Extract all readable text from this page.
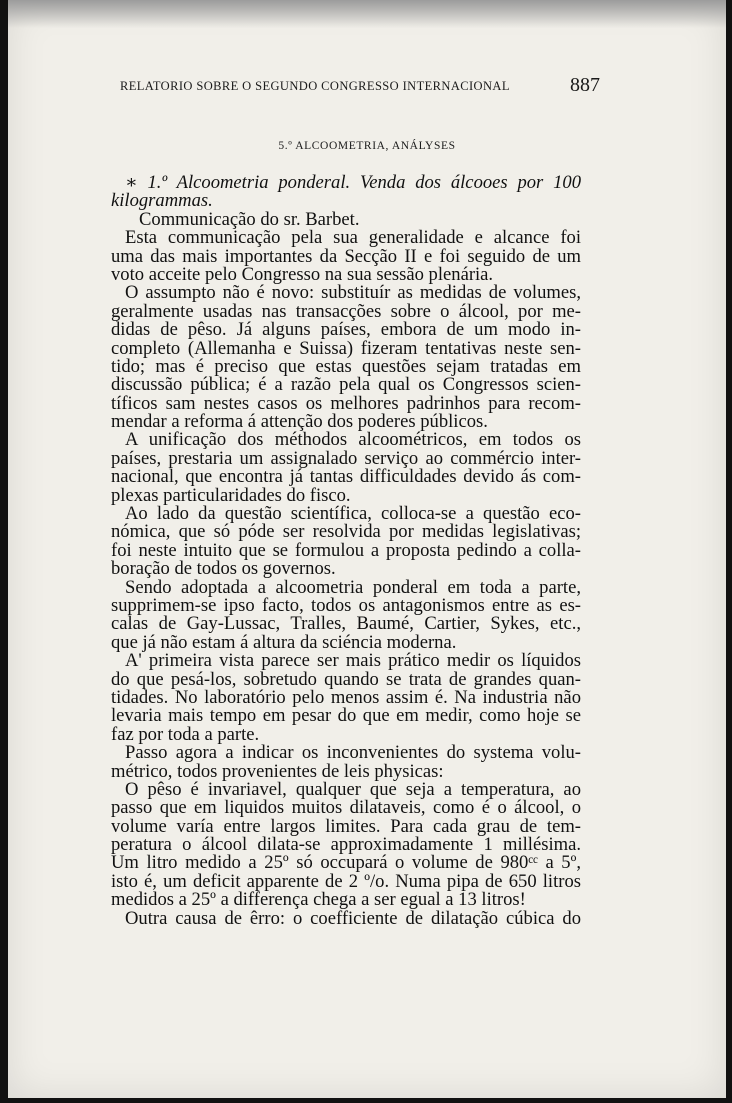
RELATORIO SOBRE O SEGUNDO CONGRESSO INTERNACIONAL	887
5.º ALCOOMETRIA, ANÁLYSES
∗ 1.º Alcoometria ponderal. Venda dos álcooes por 100
kilogrammas.
Communicação do sr. Barbet.
Esta communicação pela sua generalidade e alcance foi
uma das mais importantes da Secção II e foi seguido de um
voto acceite pelo Congresso na sua sessão plenária.
O assumpto não é novo: substituír as medidas de volumes,
geralmente usadas nas transacções sobre o álcool, por me-
didas de pêso. Já alguns países, embora de um modo in-
completo (Allemanha e Suissa) fizeram tentativas neste sen-
tido; mas é preciso que estas questões sejam tratadas em
discussão pública; é a razão pela qual os Congressos scien-
tíficos sam nestes casos os melhores padrinhos para recom-
mendar a reforma á attenção dos poderes públicos.
A unificação dos méthodos alcoométricos, em todos os
países, prestaria um assignalado serviço ao commércio inter-
nacional, que encontra já tantas difficuldades devido ás com-
plexas particularidades do fisco.
Ao lado da questão scientífica, colloca-se a questão eco-
nómica, que só póde ser resolvida por medidas legislativas;
foi neste intuito que se formulou a proposta pedindo a colla-
boração de todos os governos.
Sendo adoptada a alcoometria ponderal em toda a parte,
supprimem-se ipso facto, todos os antagonismos entre as es-
calas de Gay-Lussac, Tralles, Baumé, Cartier, Sykes, etc.,
que já não estam á altura da sciéncia moderna.
A' primeira vista parece ser mais prático medir os líquidos
do que pesá-los, sobretudo quando se trata de grandes quan-
tidades. No laboratório pelo menos assim é. Na industria não
levaria mais tempo em pesar do que em medir, como hoje se
faz por toda a parte.
Passo agora a indicar os inconvenientes do systema volu-
métrico, todos provenientes de leis physicas:
O pêso é invariavel, qualquer que seja a temperatura, ao
passo que em liquidos muitos dilataveis, como é o álcool, o
volume varía entre largos limites. Para cada grau de tem-
peratura o álcool dilata-se approximadamente 1 millésima.
Um litro medido a 25º só occupará o volume de 980ᶜᶜ a 5º,
isto é, um deficit apparente de 2 º/o. Numa pipa de 650 litros
medidos a 25º a differença chega a ser egual a 13 litros!
Outra causa de êrro: o coefficiente de dilatação cúbica do
